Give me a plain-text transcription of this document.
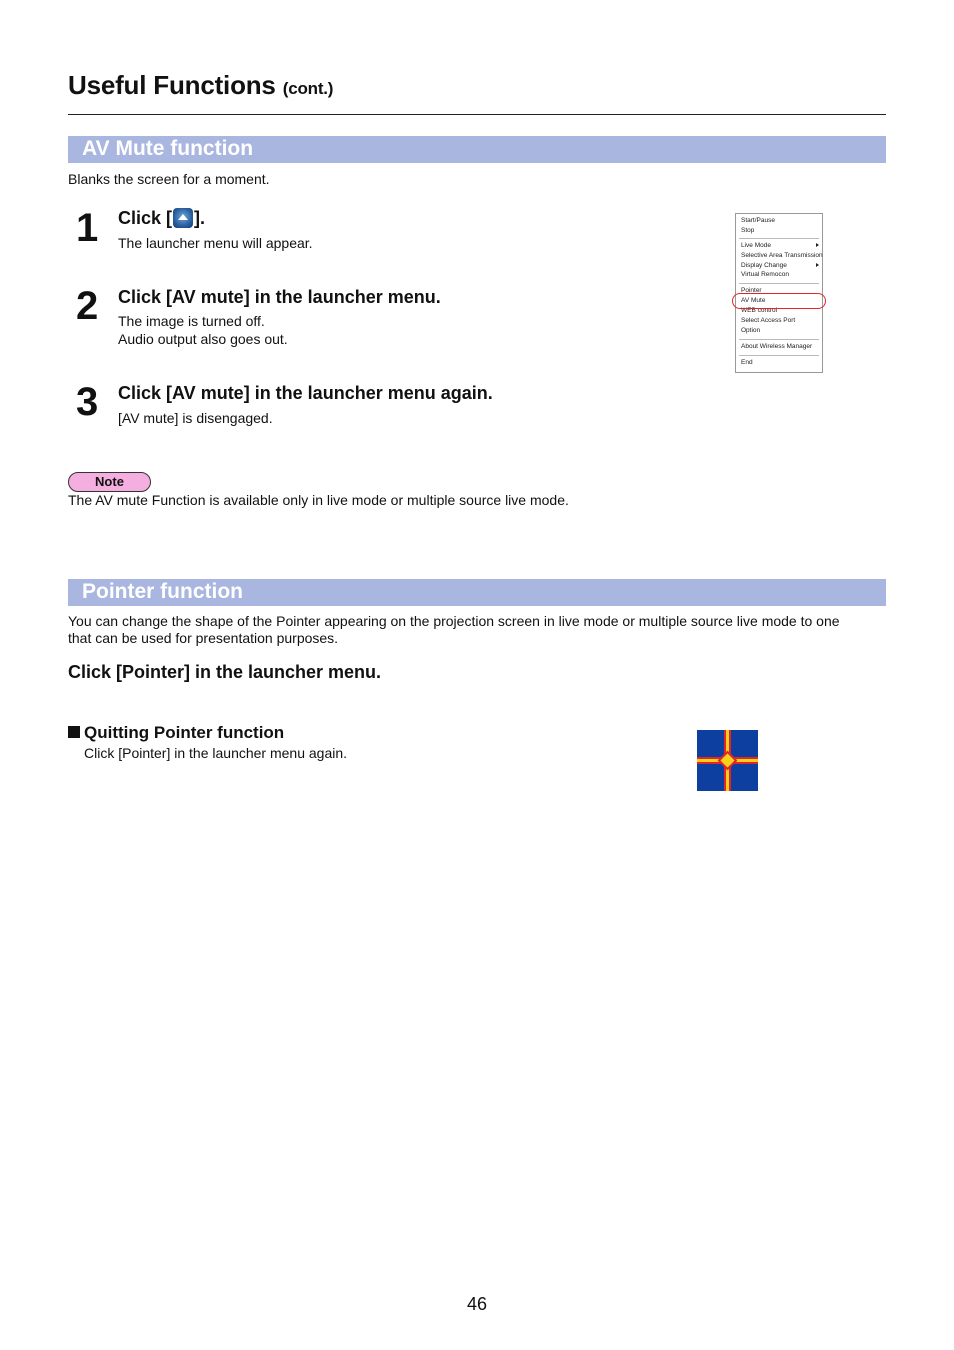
Useful Functions (cont.)
AV Mute function
Blanks the screen for a moment.
1 Click [ ].
The launcher menu will appear.
2 Click [AV mute] in the launcher menu.
The image is turned off.
Audio output also goes out.
3 Click [AV mute] in the launcher menu again.
[AV mute] is disengaged.
Start/Pause
Stop
Live Mode
Selective Area Transmission
Display Change
Virtual Remocon
Pointer
AV Mute
WEB control
Select Access Port
Option
About Wireless Manager
End
Note
The AV mute Function is available only in live mode or multiple source live mode.
Pointer function
You can change the shape of the Pointer appearing on the projection screen in live mode or multiple source live mode to one
that can be used for presentation purposes.
Click [Pointer] in the launcher menu.
Quitting Pointer function
Click [Pointer] in the launcher menu again.
46
